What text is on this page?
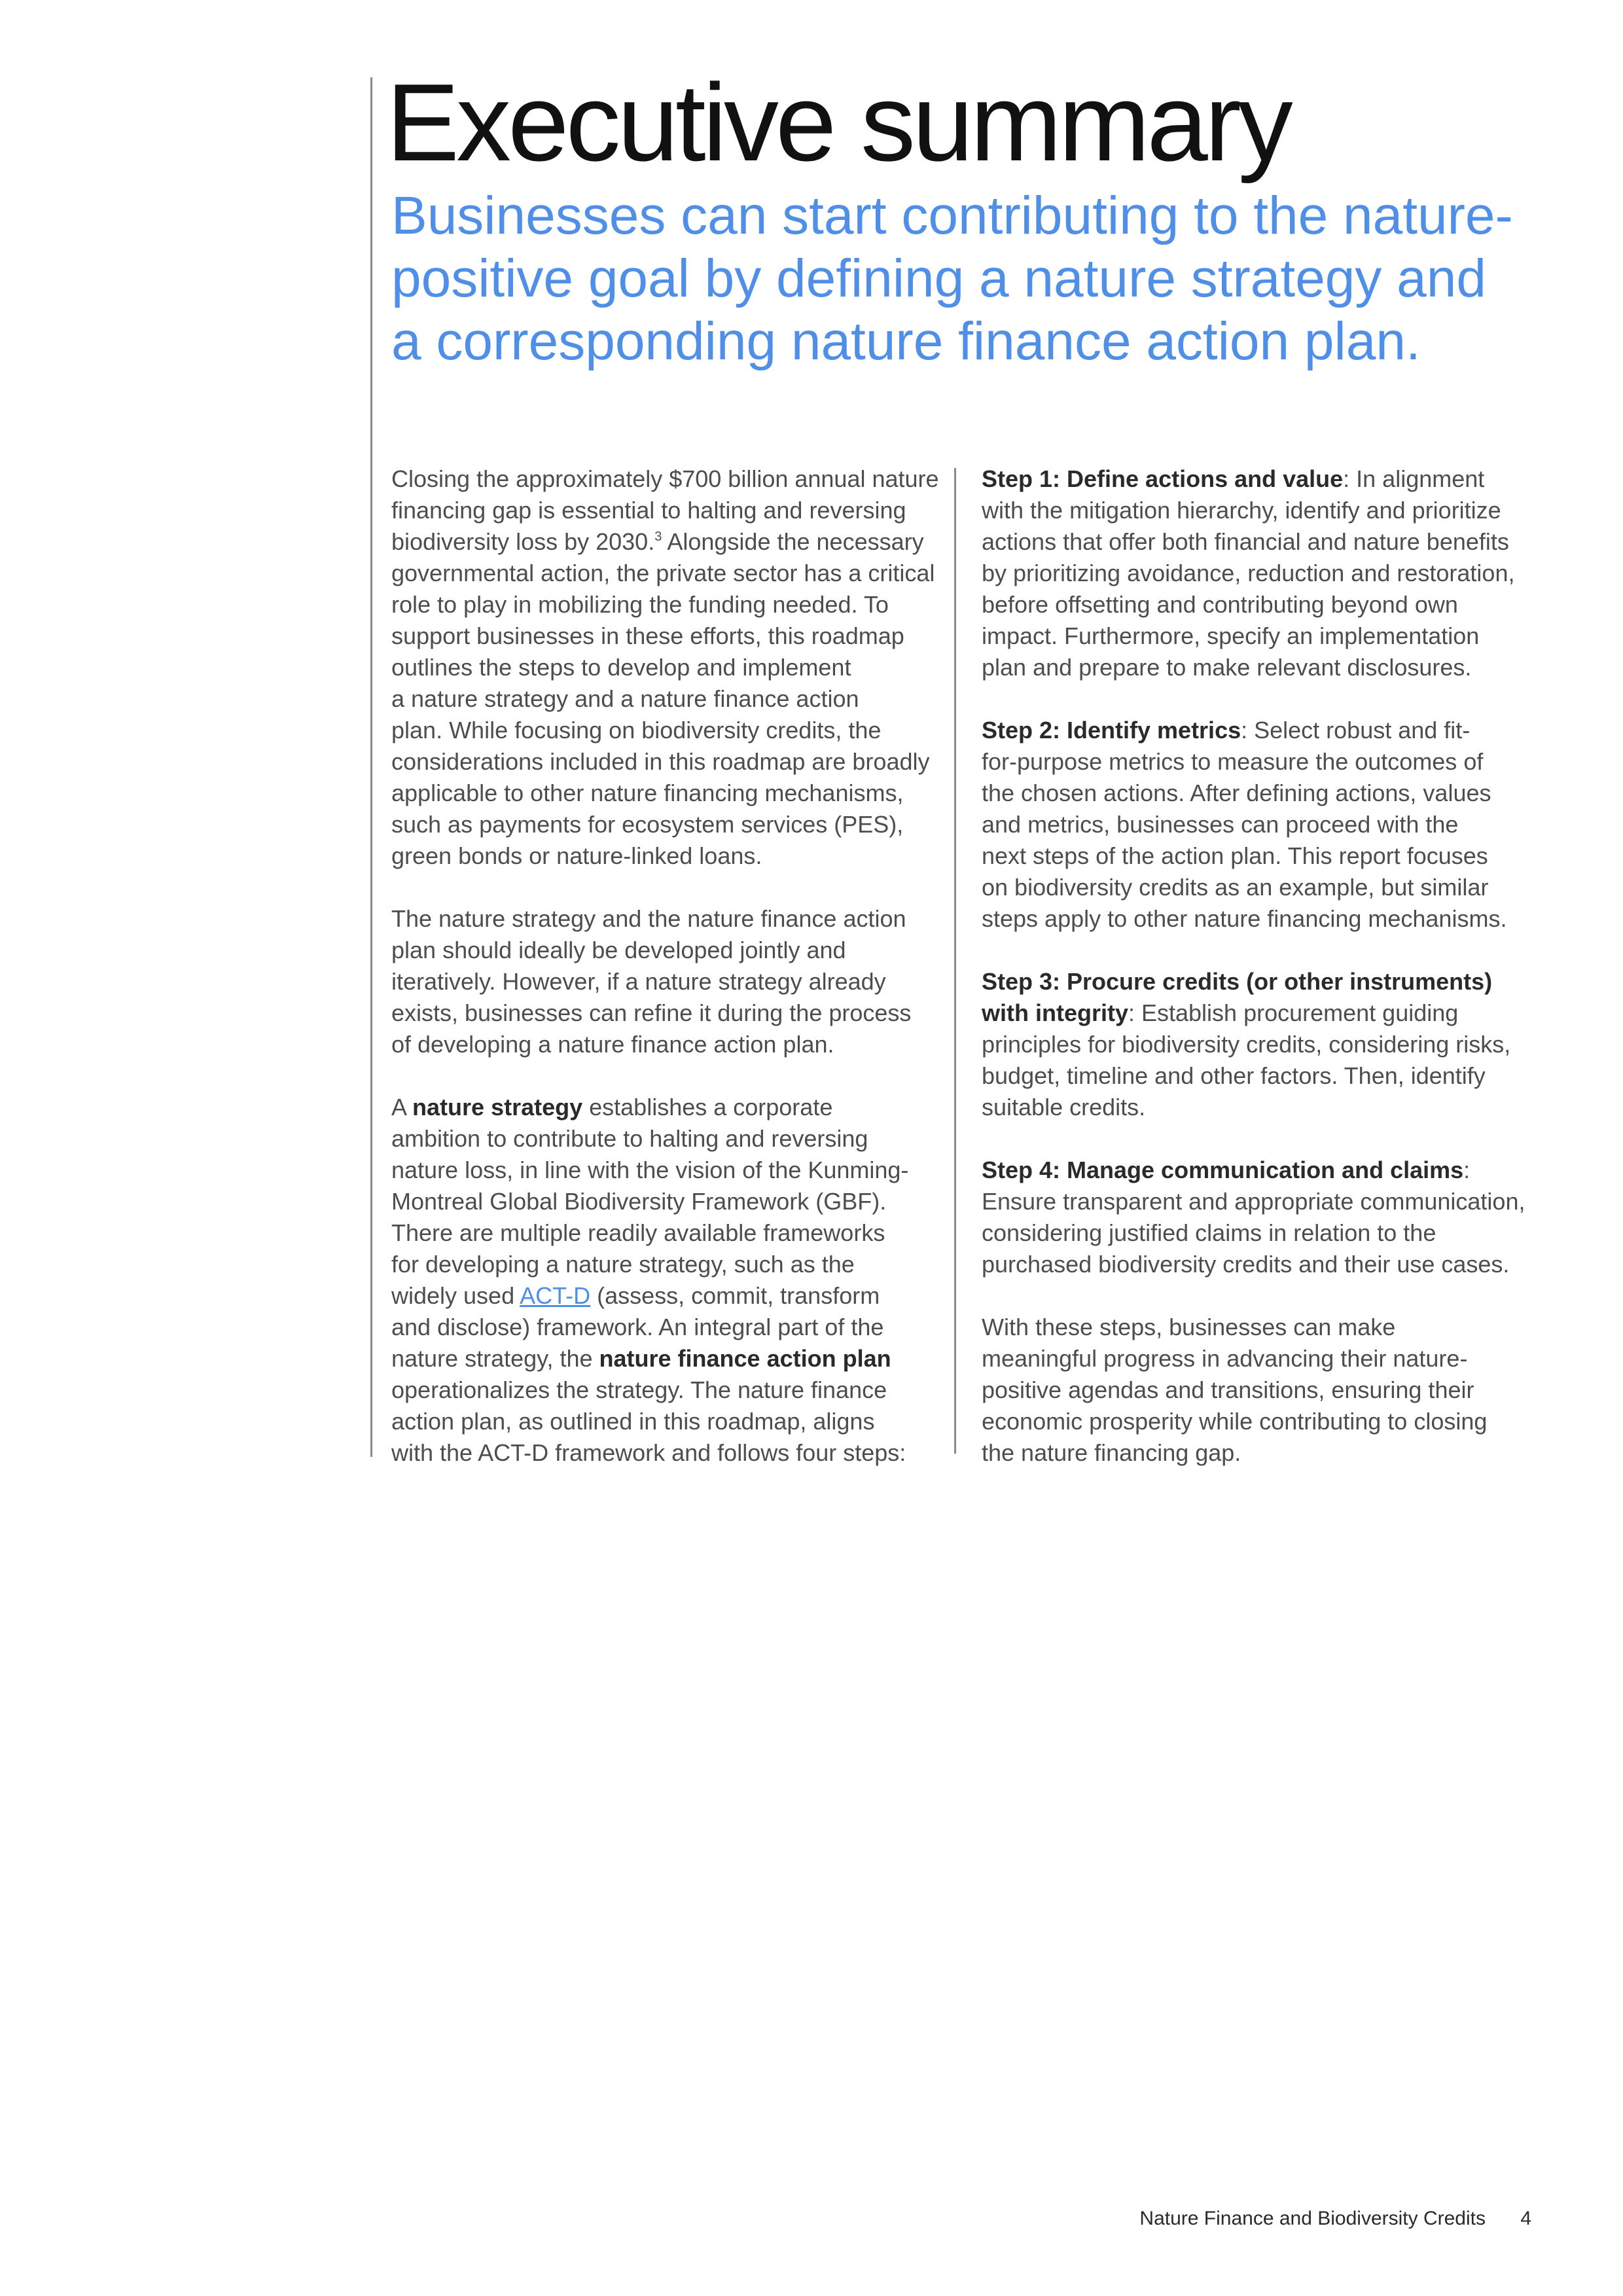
Executive summary
Businesses can start contributing to the nature-
positive goal by defining a nature strategy and
a corresponding nature finance action plan.

Closing the approximately $700 billion annual nature
financing gap is essential to halting and reversing
biodiversity loss by 2030.$^3$ Alongside the necessary
governmental action, the private sector has a critical
role to play in mobilizing the funding needed. To
support businesses in these efforts, this roadmap
outlines the steps to develop and implement
a nature strategy and a nature finance action
plan. While focusing on biodiversity credits, the
considerations included in this roadmap are broadly
applicable to other nature financing mechanisms,
such as payments for ecosystem services (PES),
green bonds or nature-linked loans.

The nature strategy and the nature finance action
plan should ideally be developed jointly and
iteratively. However, if a nature strategy already
exists, businesses can refine it during the process
of developing a nature finance action plan.

A nature strategy establishes a corporate
ambition to contribute to halting and reversing
nature loss, in line with the vision of the Kunming-
Montreal Global Biodiversity Framework (GBF).
There are multiple readily available frameworks
for developing a nature strategy, such as the
widely used ACT-D (assess, commit, transform
and disclose) framework. An integral part of the
nature strategy, the nature finance action plan
operationalizes the strategy. The nature finance
action plan, as outlined in this roadmap, aligns
with the ACT-D framework and follows four steps:

Step 1: Define actions and value: In alignment
with the mitigation hierarchy, identify and prioritize
actions that offer both financial and nature benefits
by prioritizing avoidance, reduction and restoration,
before offsetting and contributing beyond own
impact. Furthermore, specify an implementation
plan and prepare to make relevant disclosures.

Step 2: Identify metrics: Select robust and fit-
for-purpose metrics to measure the outcomes of
the chosen actions. After defining actions, values
and metrics, businesses can proceed with the
next steps of the action plan. This report focuses
on biodiversity credits as an example, but similar
steps apply to other nature financing mechanisms.

Step 3: Procure credits (or other instruments)
with integrity: Establish procurement guiding
principles for biodiversity credits, considering risks,
budget, timeline and other factors. Then, identify
suitable credits.

Step 4: Manage communication and claims:
Ensure transparent and appropriate communication,
considering justified claims in relation to the
purchased biodiversity credits and their use cases.

With these steps, businesses can make
meaningful progress in advancing their nature-
positive agendas and transitions, ensuring their
economic prosperity while contributing to closing
the nature financing gap.

Nature Finance and Biodiversity Credits 4
